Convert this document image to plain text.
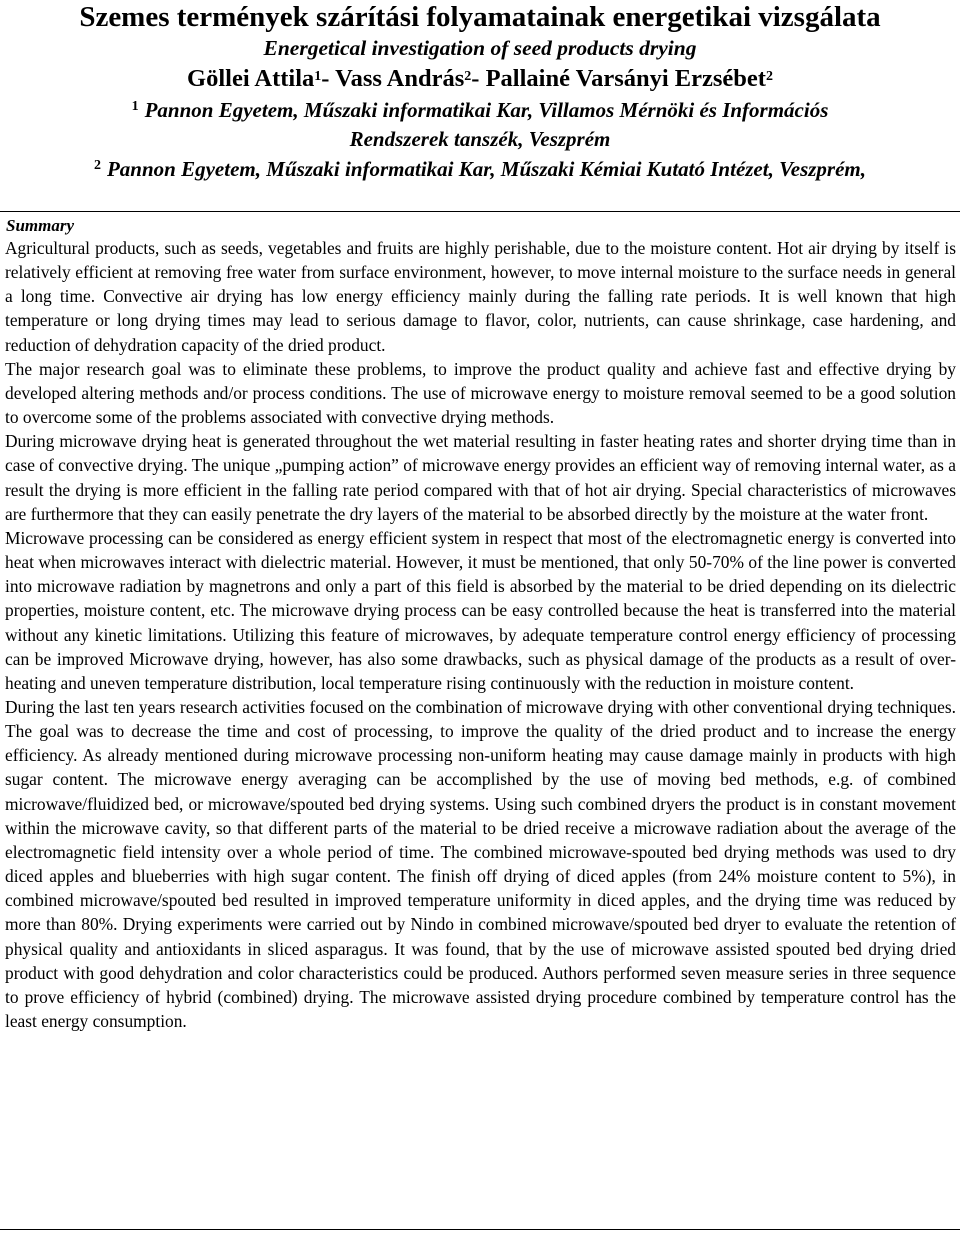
Szemes termények szárítási folyamatainak energetikai vizsgálata
Energetical investigation of seed products drying
Göllei Attila$^1$- Vass András$^2$- Pallainé Varsányi Erzsébet$^2$
$^1$ Pannon Egyetem, Műszaki informatikai Kar, Villamos Mérnöki és Információs
Rendszerek tanszék, Veszprém
$^2$ Pannon Egyetem, Műszaki informatikai Kar, Műszaki Kémiai Kutató Intézet, Veszprém,
Summary

Agricultural products, such as seeds, vegetables and fruits are highly perishable, due to the moisture content. Hot air drying by itself is relatively efficient at removing free water from surface environment, however, to move internal moisture to the surface needs in general a long time. Convective air drying has low energy efficiency mainly during the falling rate periods. It is well known that high temperature or long drying times may lead to serious damage to flavor, color, nutrients, can cause shrinkage, case hardening, and reduction of dehydration capacity of the dried product.

The major research goal was to eliminate these problems, to improve the product quality and achieve fast and effective drying by developed altering methods and/or process conditions. The use of microwave energy to moisture removal seemed to be a good solution to overcome some of the problems associated with convective drying methods.

During microwave drying heat is generated throughout the wet material resulting in faster heating rates and shorter drying time than in case of convective drying. The unique „pumping action” of microwave energy provides an efficient way of removing internal water, as a result the drying is more efficient in the falling rate period compared with that of hot air drying. Special characteristics of microwaves are furthermore that they can easily penetrate the dry layers of the material to be absorbed directly by the moisture at the water front.

Microwave processing can be considered as energy efficient system in respect that most of the electromagnetic energy is converted into heat when microwaves interact with dielectric material. However, it must be mentioned, that only 50-70% of the line power is converted into microwave radiation by magnetrons and only a part of this field is absorbed by the material to be dried depending on its dielectric properties, moisture content, etc. The microwave drying process can be easy controlled because the heat is transferred into the material without any kinetic limitations. Utilizing this feature of microwaves, by adequate temperature control energy efficiency of processing can be improved Microwave drying, however, has also some drawbacks, such as physical damage of the products as a result of over-heating and uneven temperature distribution, local temperature rising continuously with the reduction in moisture content.

During the last ten years research activities focused on the combination of microwave drying with other conventional drying techniques. The goal was to decrease the time and cost of processing, to improve the quality of the dried product and to increase the energy efficiency. As already mentioned during microwave processing non-uniform heating may cause damage mainly in products with high sugar content. The microwave energy averaging can be accomplished by the use of moving bed methods, e.g. of combined microwave/fluidized bed, or microwave/spouted bed drying systems. Using such combined dryers the product is in constant movement within the microwave cavity, so that different parts of the material to be dried receive a microwave radiation about the average of the electromagnetic field intensity over a whole period of time. The combined microwave-spouted bed drying methods was used to dry diced apples and blueberries with high sugar content. The finish off drying of diced apples (from 24% moisture content to 5%), in combined microwave/spouted bed resulted in improved temperature uniformity in diced apples, and the drying time was reduced by more than 80%. Drying experiments were carried out by Nindo in combined microwave/spouted bed dryer to evaluate the retention of physical quality and antioxidants in sliced asparagus. It was found, that by the use of microwave assisted spouted bed drying dried product with good dehydration and color characteristics could be produced. Authors performed seven measure series in three sequence to prove efficiency of hybrid (combined) drying. The microwave assisted drying procedure combined by temperature control has the least energy consumption.
